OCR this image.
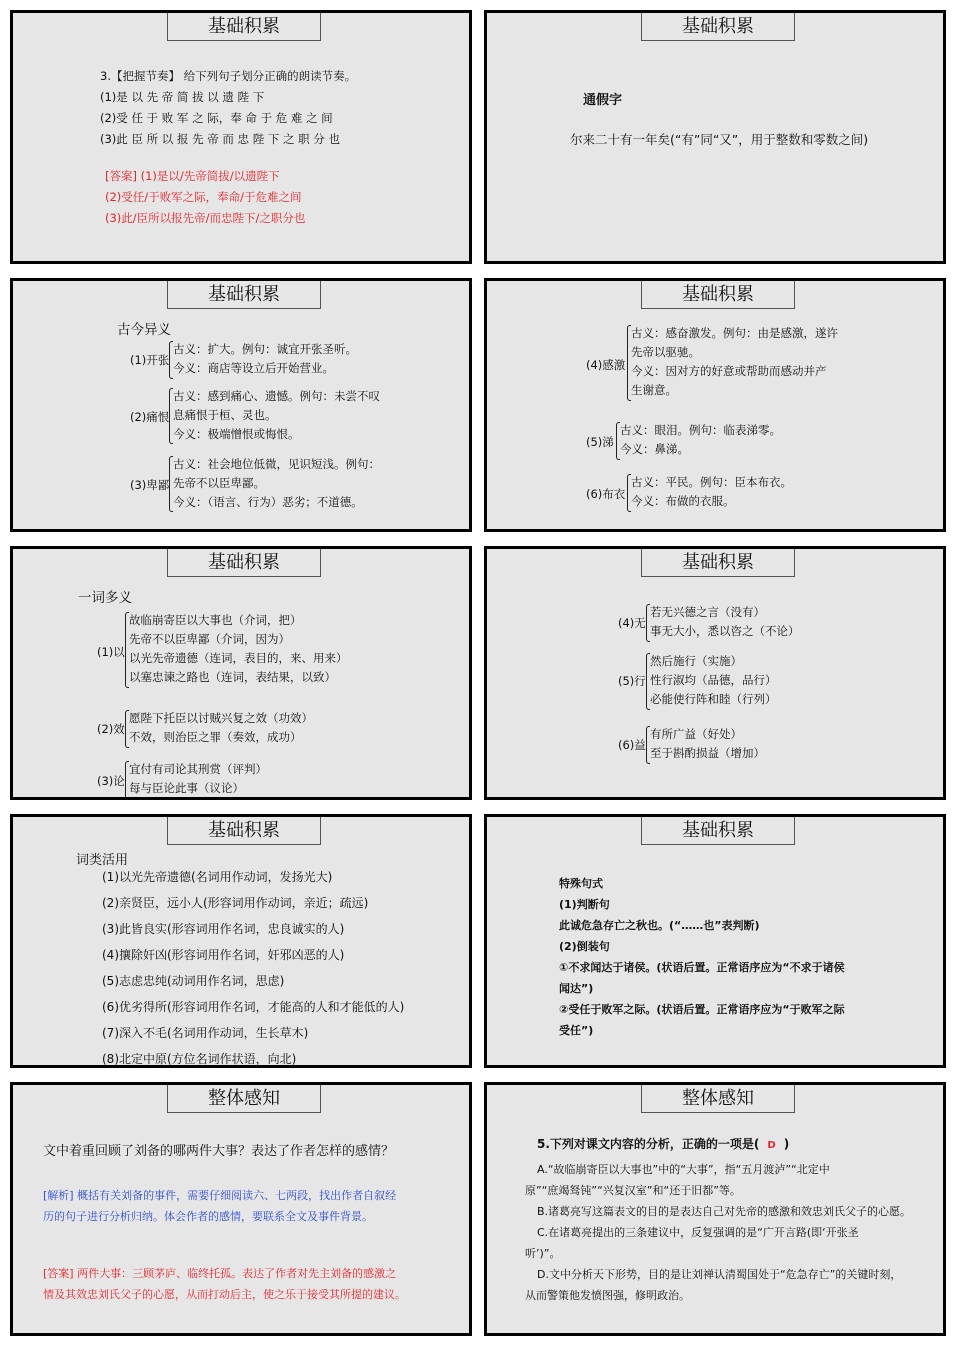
基础积累
3.【把握节奏】 给下列句子划分正确的朗读节奏。
(1)是 以 先 帝 简 拔 以 遗 陛 下
(2)受 任 于 败 军 之 际，奉 命 于 危 难 之 间
(3)此 臣 所 以 报 先 帝 而 忠 陛 下 之 职 分 也
[答案] (1)是以/先帝简拔/以遗陛下
(2)受任/于败军之际，奉命/于危难之间
(3)此/臣所以报先帝/而忠陛下/之职分也
基础积累
通假字
尔来二十有一年矣(“有”同“又”，用于整数和零数之间)
基础积累
古今异义
(1)开张
古义：扩大。例句：诚宜开张圣听。
今义：商店等设立后开始营业。
(2)痛恨
古义：感到痛心、遗憾。例句：未尝不叹
息痛恨于桓、灵也。
今义：极端憎恨或悔恨。
(3)卑鄙
古义：社会地位低微，见识短浅。例句：
先帝不以臣卑鄙。
今义：（语言、行为）恶劣；不道德。
基础积累
(4)感激
古义：感奋激发。例句：由是感激，遂许
先帝以驱驰。
今义：因对方的好意或帮助而感动并产
生谢意。
(5)涕
古义：眼泪。例句：临表涕零。
今义：鼻涕。
(6)布衣
古义：平民。例句：臣本布衣。
今义：布做的衣服。
基础积累
一词多义
(1)以
故临崩寄臣以大事也（介词，把）
先帝不以臣卑鄙（介词，因为）
以光先帝遗德（连词，表目的，来、用来）
以塞忠谏之路也（连词，表结果，以致）
(2)效
愿陛下托臣以讨贼兴复之效（功效）
不效，则治臣之罪（奏效，成功）
(3)论
宜付有司论其刑赏（评判）
每与臣论此事（议论）
基础积累
(4)无
若无兴德之言（没有）
事无大小，悉以咨之（不论）
(5)行
然后施行（实施）
性行淑均（品德，品行）
必能使行阵和睦（行列）
(6)益
有所广益（好处）
至于斟酌损益（增加）
基础积累
词类活用
(1)以光先帝遗德(名词用作动词，发扬光大)
(2)亲贤臣，远小人(形容词用作动词，亲近；疏远)
(3)此皆良实(形容词用作名词，忠良诚实的人)
(4)攘除奸凶(形容词用作名词，奸邪凶恶的人)
(5)志虑忠纯(动词用作名词，思虑)
(6)优劣得所(形容词用作名词，才能高的人和才能低的人)
(7)深入不毛(名词用作动词，生长草木)
(8)北定中原(方位名词作状语，向北)
基础积累
特殊句式
(1)判断句
此诚危急存亡之秋也。(“……也”表判断)
(2)倒装句
①不求闻达于诸侯。(状语后置。正常语序应为“不求于诸侯
闻达”)
②受任于败军之际。(状语后置。正常语序应为“于败军之际
受任”)
整体感知
文中着重回顾了刘备的哪两件大事？表达了作者怎样的感情？
[解析] 概括有关刘备的事件，需要仔细阅读六、七两段，找出作者自叙经
历的句子进行分析归纳。体会作者的感情，要联系全文及事件背景。
[答案] 两件大事：三顾茅庐、临终托孤。表达了作者对先主刘备的感激之
情及其效忠刘氏父子的心愿，从而打动后主，使之乐于接受其所提的建议。
整体感知
5.下列对课文内容的分析，正确的一项是( D )
A.“故临崩寄臣以大事也”中的“大事”，指“五月渡泸”“北定中
原”“庶竭驽钝”“兴复汉室”和“还于旧都”等。
B.诸葛亮写这篇表文的目的是表达自己对先帝的感激和效忠刘氏父子的心愿。
C.在诸葛亮提出的三条建议中，反复强调的是“广开言路(即‘开张圣
听’)”。
D.文中分析天下形势，目的是让刘禅认清蜀国处于“危急存亡”的关键时刻，
从而警策他发愤图强，修明政治。
